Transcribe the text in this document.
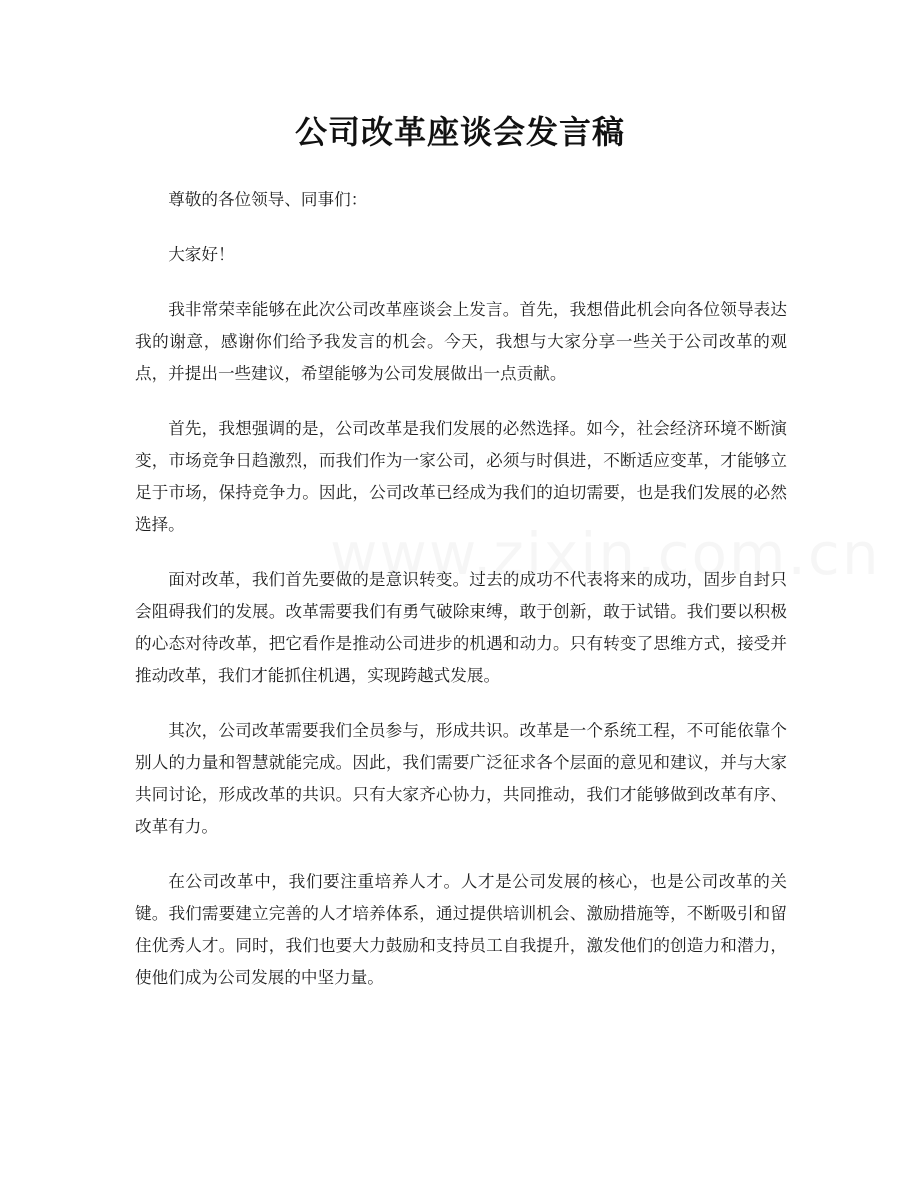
公司改革座谈会发言稿

尊敬的各位领导、同事们：

大家好！

我非常荣幸能够在此次公司改革座谈会上发言。首先，我想借此机会向各位领导表达我的谢意，感谢你们给予我发言的机会。今天，我想与大家分享一些关于公司改革的观点，并提出一些建议，希望能够为公司发展做出一点贡献。

首先，我想强调的是，公司改革是我们发展的必然选择。如今，社会经济环境不断演变，市场竞争日趋激烈，而我们作为一家公司，必须与时俱进，不断适应变革，才能够立足于市场，保持竞争力。因此，公司改革已经成为我们的迫切需要，也是我们发展的必然选择。

面对改革，我们首先要做的是意识转变。过去的成功不代表将来的成功，固步自封只会阻碍我们的发展。改革需要我们有勇气破除束缚，敢于创新，敢于试错。我们要以积极的心态对待改革，把它看作是推动公司进步的机遇和动力。只有转变了思维方式，接受并推动改革，我们才能抓住机遇，实现跨越式发展。

其次，公司改革需要我们全员参与，形成共识。改革是一个系统工程，不可能依靠个别人的力量和智慧就能完成。因此，我们需要广泛征求各个层面的意见和建议，并与大家共同讨论，形成改革的共识。只有大家齐心协力，共同推动，我们才能够做到改革有序、改革有力。

在公司改革中，我们要注重培养人才。人才是公司发展的核心，也是公司改革的关键。我们需要建立完善的人才培养体系，通过提供培训机会、激励措施等，不断吸引和留住优秀人才。同时，我们也要大力鼓励和支持员工自我提升，激发他们的创造力和潜力，使他们成为公司发展的中坚力量。
